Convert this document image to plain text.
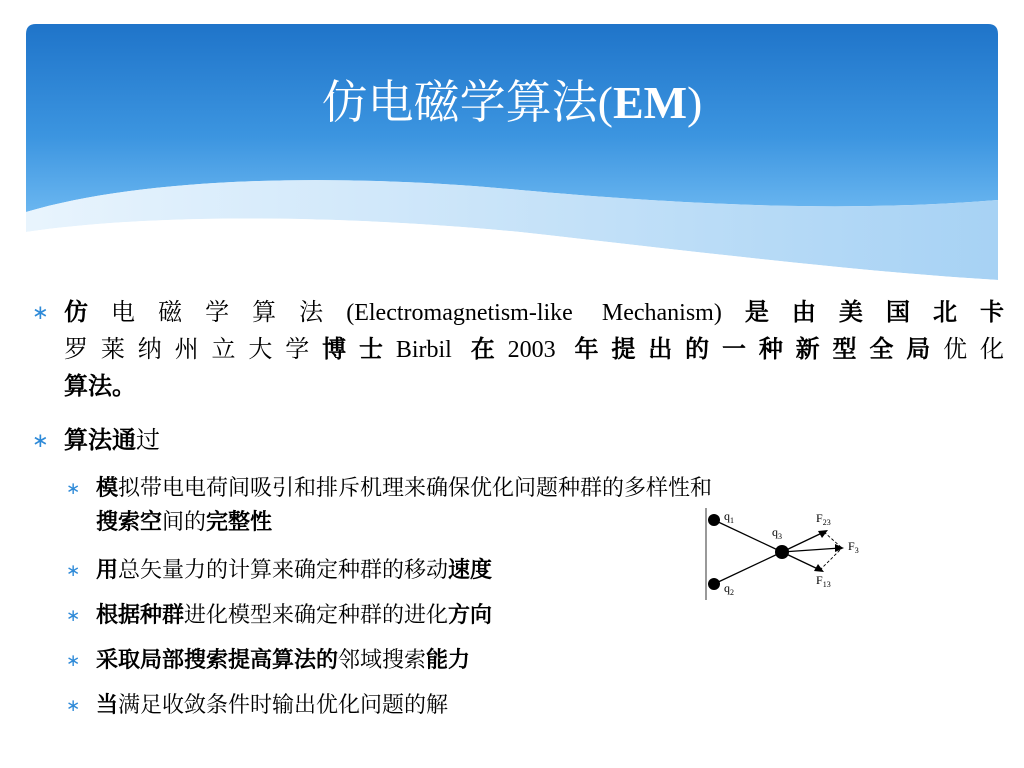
仿电磁学算法(EM)
∗ 仿电磁学算法(Electromagnetism-like Mechanism)是由美国北卡
罗莱纳州立大学博士Birbil 在2003 年提出的一种新型全局优化
算法。
∗ 算法通过
∗ 模拟带电电荷间吸引和排斥机理来确保优化问题种群的多样性和
搜索空间的完整性
∗ 用总矢量力的计算来确定种群的移动速度
∗ 根据种群进化模型来确定种群的进化方向
∗ 采取局部搜索提高算法的邻域搜索能力
∗ 当满足收敛条件时输出优化问题的解
$q_1$
$q_2$
$q_3$
$F_{23}$
$F_3$
$F_{13}$
